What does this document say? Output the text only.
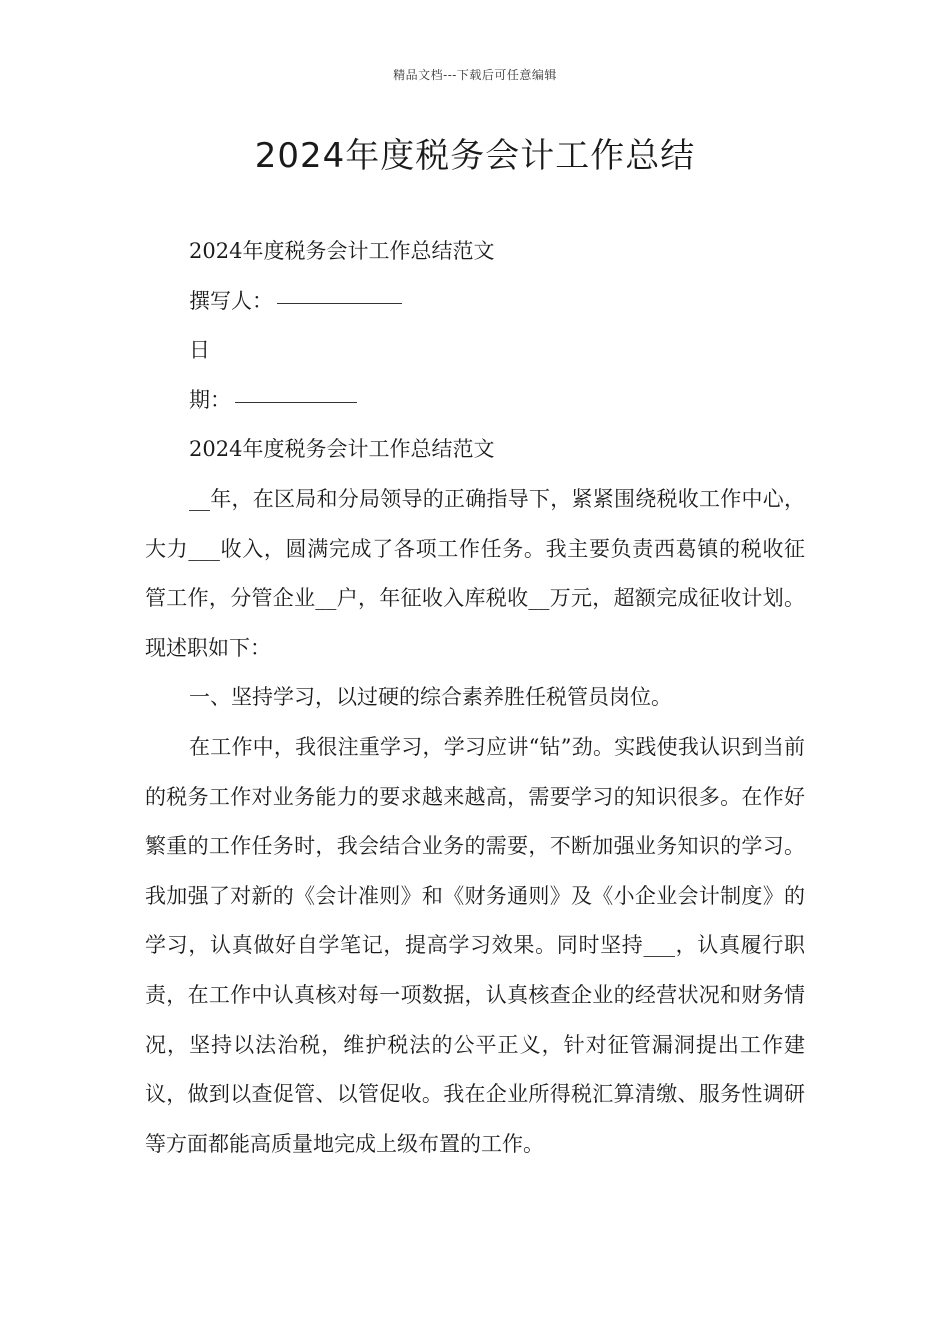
精品文档---下载后可任意编辑
2024年度税务会计工作总结

2024年度税务会计工作总结范文

撰写人：

日

期：

2024年度税务会计工作总结范文

__年，在区局和分局领导的正确指导下，紧紧围绕税收工作中心，大力___收入，圆满完成了各项工作任务。我主要负责西葛镇的税收征管工作，分管企业__户，年征收入库税收__万元，超额完成征收计划。现述职如下：

一、坚持学习，以过硬的综合素养胜任税管员岗位。

在工作中，我很注重学习，学习应讲“钻”劲。实践使我认识到当前的税务工作对业务能力的要求越来越高，需要学习的知识很多。在作好繁重的工作任务时，我会结合业务的需要，不断加强业务知识的学习。我加强了对新的《会计准则》和《财务通则》及《小企业会计制度》的学习，认真做好自学笔记，提高学习效果。同时坚持___，认真履行职责，在工作中认真核对每一项数据，认真核查企业的经营状况和财务情况，坚持以法治税，维护税法的公平正义，针对征管漏洞提出工作建议，做到以查促管、以管促收。我在企业所得税汇算清缴、服务性调研等方面都能高质量地完成上级布置的工作。
